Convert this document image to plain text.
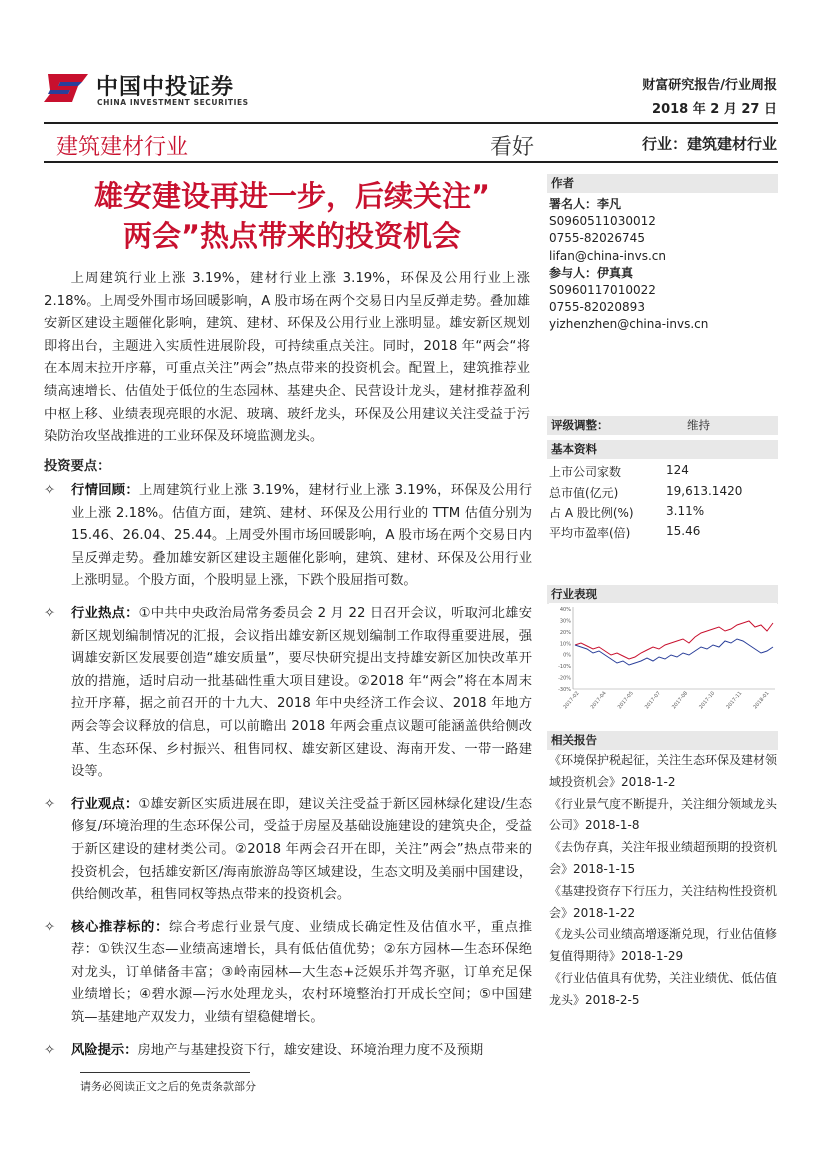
中国中投证券
CHINA INVESTMENT SECURITIES
财富研究报告/行业周报
2018 年 2 月 27 日
建筑建材行业	看好	行业：建筑建材行业
雄安建设再进一步，后续关注”
两会”热点带来的投资机会
上周建筑行业上涨 3.19%，建材行业上涨 3.19%，环保及公用行业上涨 2.18%。上周受外围市场回暖影响，A 股市场在两个交易日内呈反弹走势。叠加雄安新区建设主题催化影响，建筑、建材、环保及公用行业上涨明显。雄安新区规划即将出台，主题进入实质性进展阶段，可持续重点关注。同时，2018 年“两会“将在本周末拉开序幕，可重点关注”两会”热点带来的投资机会。配置上，建筑推荐业绩高速增长、估值处于低位的生态园林、基建央企、民营设计龙头，建材推荐盈利中枢上移、业绩表现亮眼的水泥、玻璃、玻纤龙头，环保及公用建议关注受益于污染防治攻坚战推进的工业环保及环境监测龙头。
投资要点：
✧ 行情回顾：上周建筑行业上涨 3.19%，建材行业上涨 3.19%，环保及公用行业上涨 2.18%。估值方面，建筑、建材、环保及公用行业的 TTM 估值分别为 15.46、26.04、25.44。上周受外围市场回暖影响，A 股市场在两个交易日内呈反弹走势。叠加雄安新区建设主题催化影响，建筑、建材、环保及公用行业上涨明显。个股方面，个股明显上涨，下跌个股屈指可数。
✧ 行业热点：①中共中央政治局常务委员会 2 月 22 日召开会议，听取河北雄安新区规划编制情况的汇报，会议指出雄安新区规划编制工作取得重要进展，强调雄安新区发展要创造“雄安质量”，要尽快研究提出支持雄安新区加快改革开放的措施，适时启动一批基础性重大项目建设。②2018 年“两会”将在本周末拉开序幕，据之前召开的十九大、2018 年中央经济工作会议、2018 年地方两会等会议释放的信息，可以前瞻出 2018 年两会重点议题可能涵盖供给侧改革、生态环保、乡村振兴、租售同权、雄安新区建设、海南开发、一带一路建设等。
✧ 行业观点：①雄安新区实质进展在即，建议关注受益于新区园林绿化建设/生态修复/环境治理的生态环保公司，受益于房屋及基础设施建设的建筑央企，受益于新区建设的建材类公司。②2018 年两会召开在即，关注”两会”热点带来的投资机会，包括雄安新区/海南旅游岛等区域建设，生态文明及美丽中国建设，供给侧改革，租售同权等热点带来的投资机会。
✧ 核心推荐标的：综合考虑行业景气度、业绩成长确定性及估值水平，重点推荐：①铁汉生态—业绩高速增长，具有低估值优势；②东方园林—生态环保绝对龙头，订单储备丰富；③岭南园林—大生态+泛娱乐并驾齐驱，订单充足保业绩增长；④碧水源—污水处理龙头，农村环境整治打开成长空间；⑤中国建筑—基建地产双发力，业绩有望稳健增长。
✧ 风险提示：房地产与基建投资下行，雄安建设、环境治理力度不及预期
请务必阅读正文之后的免责条款部分
作者
署名人：李凡
S0960511030012
0755-82026745
lifan@china-invs.cn
参与人：伊真真
S0960117010022
0755-82020893
yizhenzhen@china-invs.cn
评级调整：	维持
基本资料
上市公司家数	124
总市值(亿元)	19,613.1420
占 A 股比例(%)	3.11%
平均市盈率(倍)	15.46
行业表现
40%
30%
20%
10%
0%
-10%
-20%
-30%
2017-02 2017-04 2017-05 2017-07 2017-08 2017-10 2017-11 2018-01
相关报告
《环境保护税起征，关注生态环保及建材领域投资机会》2018-1-2
《行业景气度不断提升，关注细分领域龙头公司》2018-1-8
《去伪存真，关注年报业绩超预期的投资机会》2018-1-15
《基建投资存下行压力，关注结构性投资机会》2018-1-22
《龙头公司业绩高增逐渐兑现，行业估值修复值得期待》2018-1-29
《行业估值具有优势，关注业绩优、低估值龙头》2018-2-5
